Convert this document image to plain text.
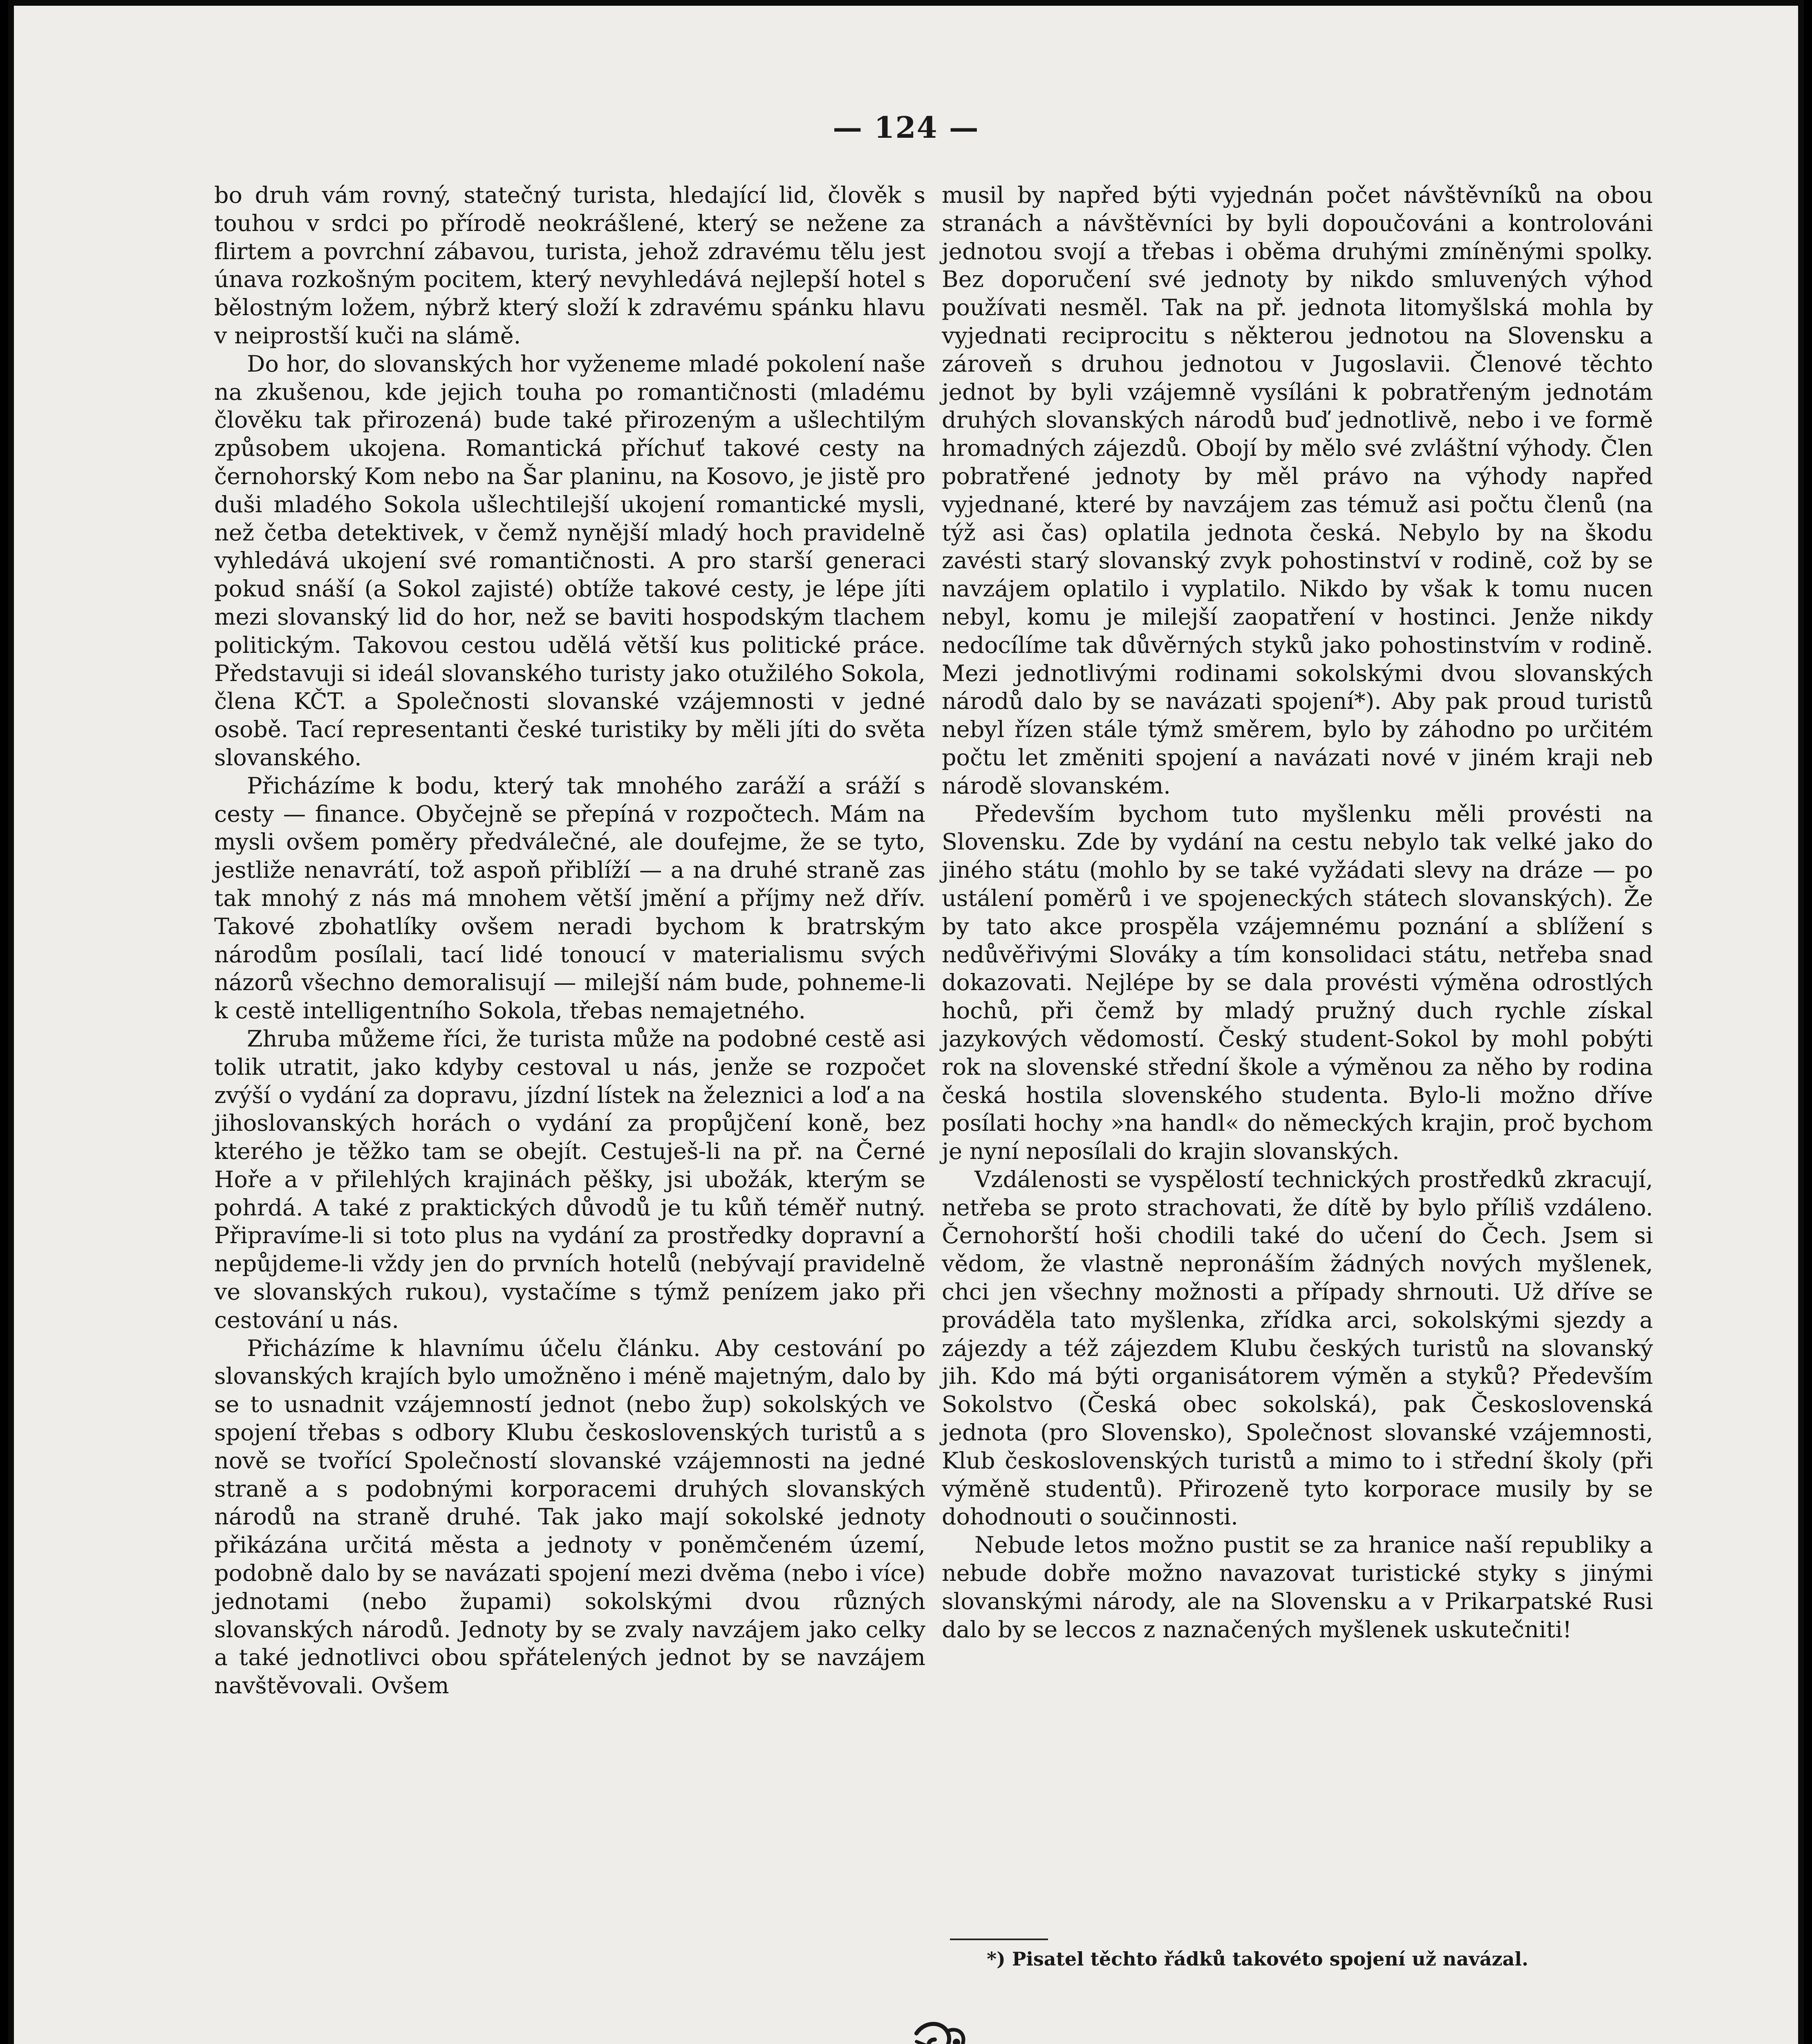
— 124 —

bo druh vám rovný, statečný turista, hledající lid, člověk s touhou v srdci po přírodě neokrášlené, který se nežene za flirtem a povrchní zábavou, turista, jehož zdravému tělu jest únava rozkošným pocitem, který nevyhledává nejlepší hotel s bělostným ložem, nýbrž který složí k zdravému spánku hlavu v neiprostší kuči na slámě.

Do hor, do slovanských hor vyženeme mladé pokolení naše na zkušenou, kde jejich touha po romantičnosti (mladému člověku tak přirozená) bude také přirozeným a ušlechtilým způsobem ukojena. Romantická příchuť takové cesty na černohorský Kom nebo na Šar planinu, na Kosovo, je jistě pro duši mladého Sokola ušlechtilejší ukojení romantické mysli, než četba detektivek, v čemž nynější mladý hoch pravidelně vyhledává ukojení své romantičnosti. A pro starší generaci pokud snáší (a Sokol zajisté) obtíže takové cesty, je lépe jíti mezi slovanský lid do hor, než se baviti hospodským tlachem politickým. Takovou cestou udělá větší kus politické práce. Představuji si ideál slovanského turisty jako otužilého Sokola, člena KČT. a Společnosti slovanské vzájemnosti v jedné osobě. Tací representanti české turistiky by měli jíti do světa slovanského.

Přicházíme k bodu, který tak mnohého zaráží a sráží s cesty — finance. Obyčejně se přepíná v rozpočtech. Mám na mysli ovšem poměry předválečné, ale doufejme, že se tyto, jestliže nenavrátí, tož aspoň přiblíží — a na druhé straně zas tak mnohý z nás má mnohem větší jmění a příjmy než dřív. Takové zbohatlíky ovšem neradi bychom k bratrským národům posílali, tací lidé tonoucí v materialismu svých názorů všechno demoralisují — milejší nám bude, pohneme-li k cestě intelligentního Sokola, třebas nemajetného.

Zhruba můžeme říci, že turista může na podobné cestě asi tolik utratit, jako kdyby cestoval u nás, jenže se rozpočet zvýší o vydání za dopravu, jízdní lístek na železnici a loď a na jihoslovanských horách o vydání za propůjčení koně, bez kterého je těžko tam se obejít. Cestuješ-li na př. na Černé Hoře a v přilehlých krajinách pěšky, jsi ubožák, kterým se pohrdá. A také z praktických důvodů je tu kůň téměř nutný. Připravíme-li si toto plus na vydání za prostředky dopravní a nepůjdeme-li vždy jen do prvních hotelů (nebývají pravidelně ve slovanských rukou), vystačíme s týmž penízem jako při cestování u nás.

Přicházíme k hlavnímu účelu článku. Aby cestování po slovanských krajích bylo umožněno i méně majetným, dalo by se to usnadnit vzájemností jednot (nebo žup) sokolských ve spojení třebas s odbory Klubu československých turistů a s nově se tvořící Společností slovanské vzájemnosti na jedné straně a s podobnými korporacemi druhých slovanských národů na straně druhé. Tak jako mají sokolské jednoty přikázána určitá města a jednoty v poněmčeném území, podobně dalo by se navázati spojení mezi dvěma (nebo i více) jednotami (nebo župami) sokolskými dvou různých slovanských národů. Jednoty by se zvaly navzájem jako celky a také jednotlivci obou spřátelených jednot by se navzájem navštěvovali. Ovšem

musil by napřed býti vyjednán počet návštěvníků na obou stranách a návštěvníci by byli dopoučováni a kontrolováni jednotou svojí a třebas i oběma druhými zmíněnými spolky. Bez doporučení své jednoty by nikdo smluvených výhod používati nesměl. Tak na př. jednota litomyšlská mohla by vyjednati reciprocitu s některou jednotou na Slovensku a zároveň s druhou jednotou v Jugoslavii. Členové těchto jednot by byli vzájemně vysíláni k pobratřeným jednotám druhých slovanských národů buď jednotlivě, nebo i ve formě hromadných zájezdů. Obojí by mělo své zvláštní výhody. Člen pobratřené jednoty by měl právo na výhody napřed vyjednané, které by navzájem zas témuž asi počtu členů (na týž asi čas) oplatila jednota česká. Nebylo by na škodu zavésti starý slovanský zvyk pohostinství v rodině, což by se navzájem oplatilo i vyplatilo. Nikdo by však k tomu nucen nebyl, komu je milejší zaopatření v hostinci. Jenže nikdy nedocílíme tak důvěrných styků jako pohostinstvím v rodině. Mezi jednotlivými rodinami sokolskými dvou slovanských národů dalo by se navázati spojení*). Aby pak proud turistů nebyl řízen stále týmž směrem, bylo by záhodno po určitém počtu let změniti spojení a navázati nové v jiném kraji neb národě slovanském.

Především bychom tuto myšlenku měli provésti na Slovensku. Zde by vydání na cestu nebylo tak velké jako do jiného státu (mohlo by se také vyžádati slevy na dráze — po ustálení poměrů i ve spojeneckých státech slovanských). Že by tato akce prospěla vzájemnému poznání a sblížení s nedůvěřivými Slováky a tím konsolidaci státu, netřeba snad dokazovati. Nejlépe by se dala provésti výměna odrostlých hochů, při čemž by mladý pružný duch rychle získal jazykových vědomostí. Český student-Sokol by mohl pobýti rok na slovenské střední škole a výměnou za něho by rodina česká hostila slovenského studenta. Bylo-li možno dříve posílati hochy »na handl« do německých krajin, proč bychom je nyní neposílali do krajin slovanských.

Vzdálenosti se vyspělostí technických prostředků zkracují, netřeba se proto strachovati, že dítě by bylo příliš vzdáleno. Černohorští hoši chodili také do učení do Čech. Jsem si vědom, že vlastně nepronáším žádných nových myšlenek, chci jen všechny možnosti a případy shrnouti. Už dříve se prováděla tato myšlenka, zřídka arci, sokolskými sjezdy a zájezdy a též zájezdem Klubu českých turistů na slovanský jih. Kdo má býti organisátorem výměn a styků? Především Sokolstvo (Česká obec sokolská), pak Československá jednota (pro Slovensko), Společnost slovanské vzájemnosti, Klub československých turistů a mimo to i střední školy (při výměně studentů). Přirozeně tyto korporace musily by se dohodnouti o součinnosti.

Nebude letos možno pustit se za hranice naší republiky a nebude dobře možno navazovat turistické styky s jinými slovanskými národy, ale na Slovensku a v Prikarpatské Rusi dalo by se leccos z naznačených myšlenek uskutečniti!

*) Pisatel těchto řádků takovéto spojení už navázal.
